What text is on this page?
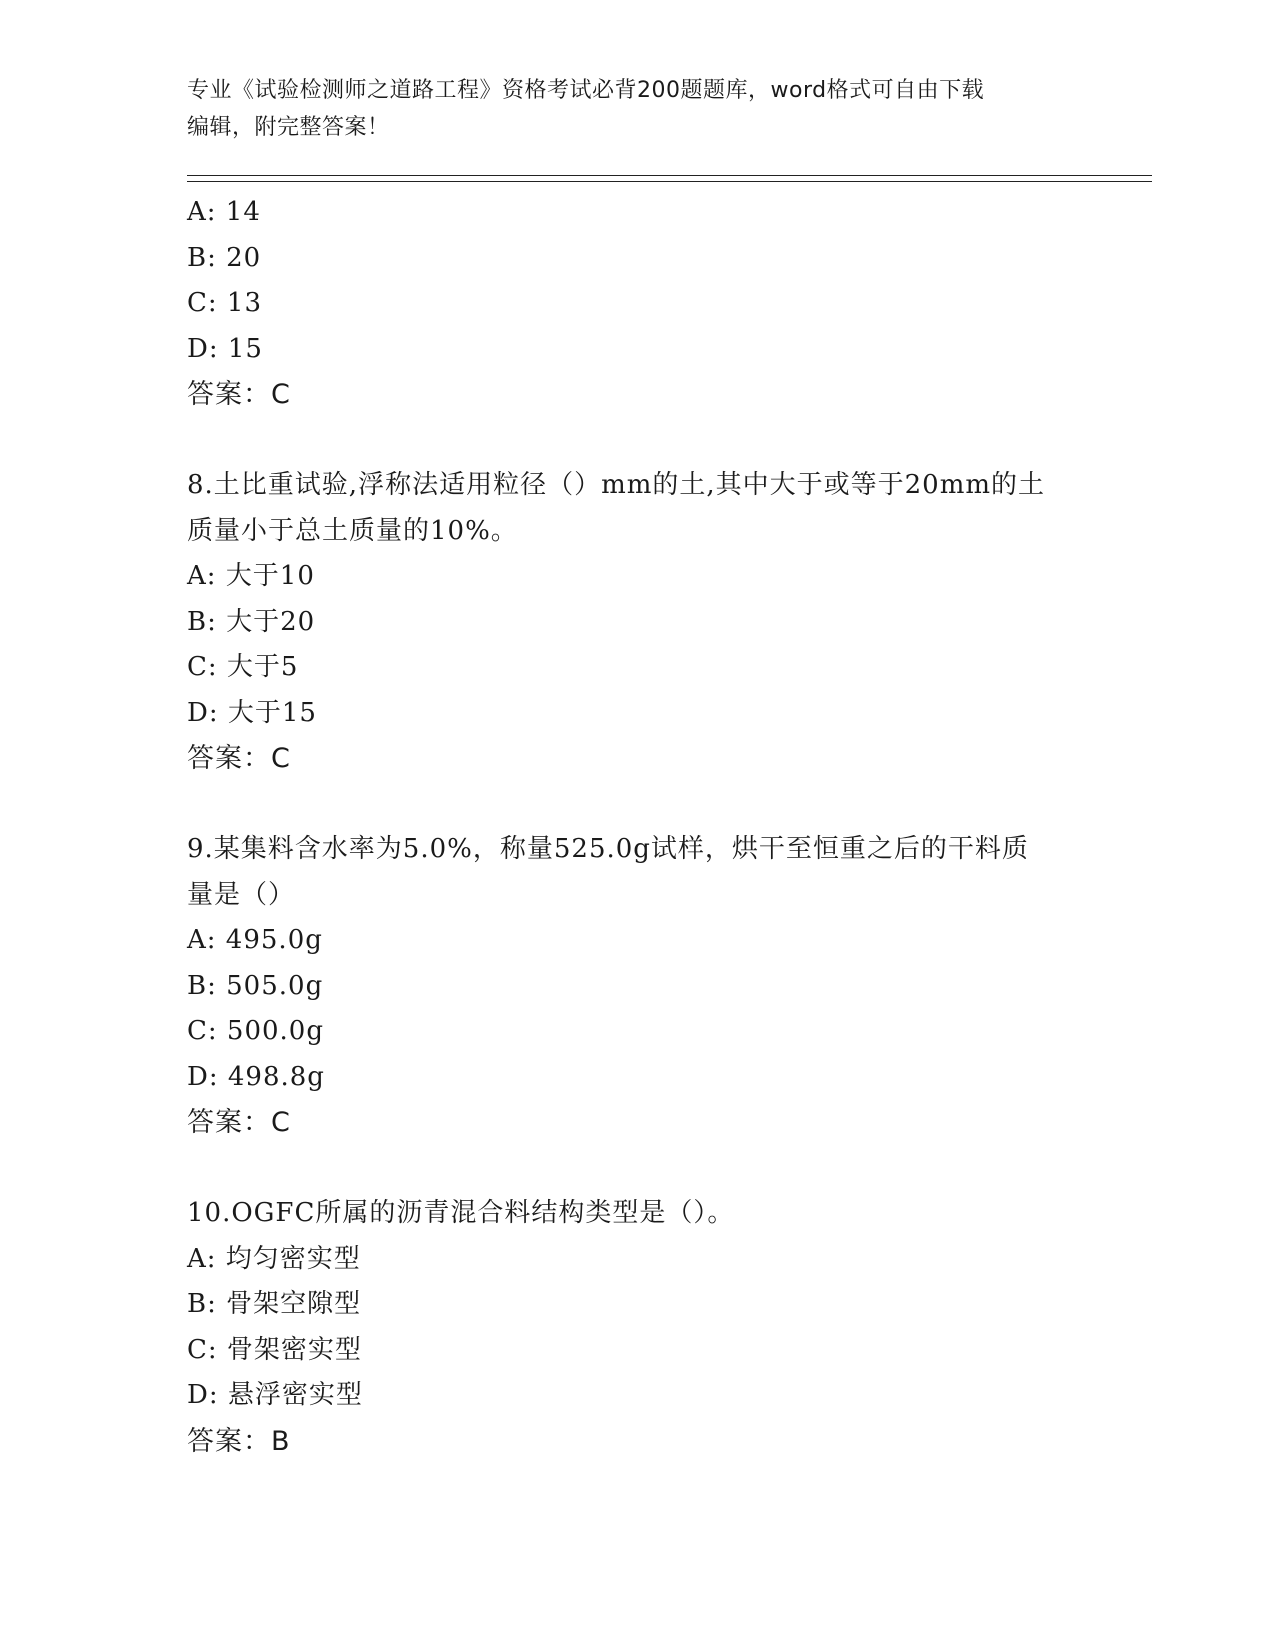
专业《试验检测师之道路工程》资格考试必背200题题库，word格式可自由下载
编辑，附完整答案！
A: 14
B: 20
C: 13
D: 15
答案：C
8.土比重试验,浮称法适用粒径（）mm的土,其中大于或等于20mm的土
质量小于总土质量的10%。
A: 大于10
B: 大于20
C: 大于5
D: 大于15
答案：C
9.某集料含水率为5.0%，称量525.0g试样，烘干至恒重之后的干料质
量是（）
A: 495.0g
B: 505.0g
C: 500.0g
D: 498.8g
答案：C
10.OGFC所属的沥青混合料结构类型是（）。
A: 均匀密实型
B: 骨架空隙型
C: 骨架密实型
D: 悬浮密实型
答案：B
